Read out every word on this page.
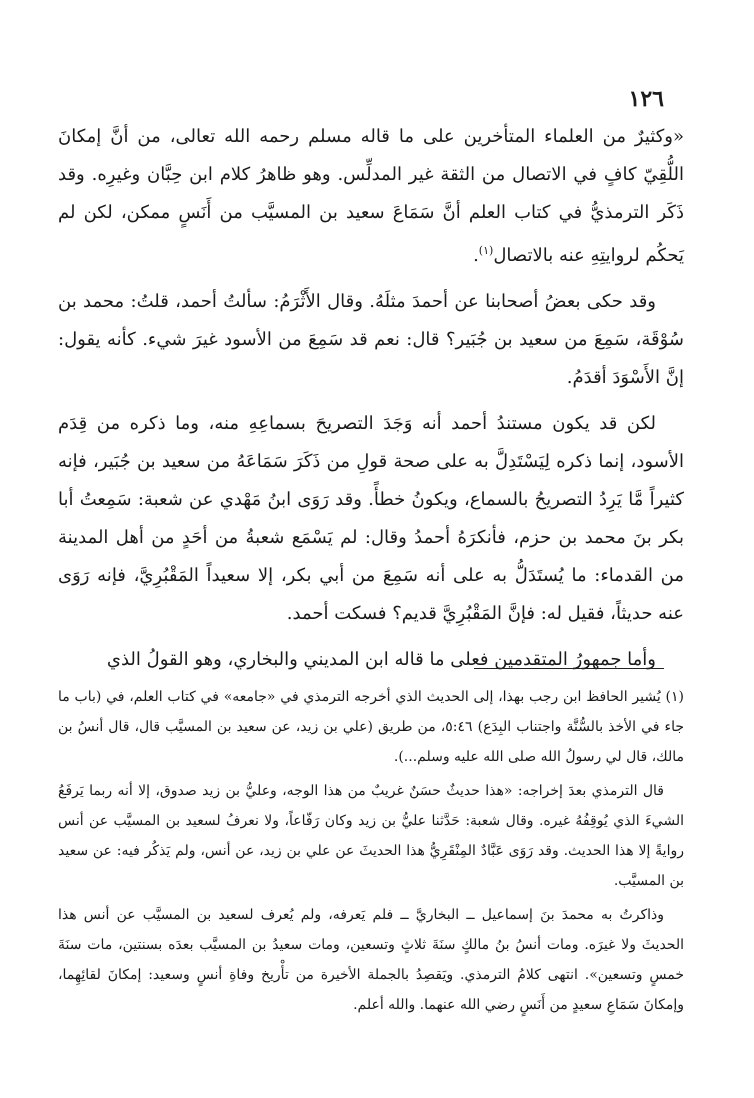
١٢٦

«وكثيرٌ من العلماء المتأخرين على ما قاله مسلم رحمه الله تعالى، من أنَّ إمكانَ اللُّقِيّ كافٍ في الاتصال من الثقة غير المدلِّس. وهو ظاهرُ كلام ابن حِبَّان وغيرِه. وقد ذَكَر الترمذيُّ في كتاب العلم أنَّ سَمَاعَ سعيد بن المسيَّب من أَنَسٍ ممكن، لكن لم يَحكُم لروايتِهِ عنه بالاتصال$^{(١)}$.

وقد حكى بعضُ أصحابنا عن أحمدَ مثلَهُ. وقال الأَثْرَمُ: سألتُ أحمد، قلتُ: محمد بن سُوْقَة، سَمِعَ من سعيد بن جُبَير؟ قال: نعم قد سَمِعَ من الأسود غيرَ شيء. كأنه يقول: إنَّ الأَسْوَدَ أقدَمُ.

لكن قد يكون مستندُ أحمد أنه وَجَدَ التصريحَ بسماعِهِ منه، وما ذكره من قِدَم الأسود، إنما ذكره لِيَسْتَدِلَّ به على صحة قولِ من ذَكَرَ سَمَاعَهُ من سعيد بن جُبَير، فإنه كثيراً مَّا يَرِدُ التصريحُ بالسماع، ويكونُ خطأً. وقد رَوَى ابنُ مَهْدي عن شعبة: سَمِعتُ أبا بكر بنَ محمد بن حزم، فأنكرَهُ أحمدُ وقال: لم يَسْمَع شعبةُ من أحَدٍ من أهل المدينة من القدماء: ما يُستَدَلُّ به على أنه سَمِعَ من أبي بكر، إلا سعيداً المَقْبُرِيَّ، فإنه رَوَى عنه حديثاً، فقيل له: فإنَّ المَقْبُرِيَّ قديم؟ فسكت أحمد.

وأما جمهورُ المتقدمين فعلى ما قاله ابن المديني والبخاري، وهو القولُ الذي

(١) يُشير الحافظ ابن رجب بهذا، إلى الحديث الذي أخرجه الترمذي في «جامعه» في كتاب العلم، في (باب ما جاء في الأخذ بالسُّنَّة واجتناب البِدَع) ٥:٤٦، من طريق (علي بن زيد، عن سعيد بن المسيَّب قال، قال أنسُ بن مالك، قال لي رسولُ الله صلى الله عليه وسلم...).

قال الترمذي بعدَ إخراجه: «هذا حديثٌ حسَنٌ غريبٌ من هذا الوجه، وعليُّ بن زيد صدوق، إلا أنه ربما يَرفَعُ الشيءَ الذي يُوقِفُهُ غيره. وقال شعبة: حَدَّثنا عليُّ بن زيد وكان رَفّاعاً، ولا نعرفُ لسعيد بن المسيَّب عن أنس روايةً إلا هذا الحديث. وقد رَوَى عَبَّادٌ المِنْقَرِيُّ هذا الحديثَ عن علي بن زيد، عن أنس، ولم يَذكُر فيه: عن سعيد بن المسيَّب.

وذاكرتُ به محمدَ بنَ إسماعيل ــ البخاريَّ ــ فلم يَعرفه، ولم يُعرف لسعيد بن المسيَّب عن أنس هذا الحديثَ ولا غيرَه. ومات أنسُ بنُ مالكٍ سنَةَ ثلاثٍ وتسعين، ومات سعيدُ بن المسيَّب بعدَه بسنتين، مات سنَةَ خمسٍ وتسعين». انتهى كلامُ الترمذي. ويَقصِدُ بالجملة الأخيرة من تأْريخ وفاةِ أنسٍ وسعيد: إمكانَ لقائِهِما، وإمكانَ سَمَاعِ سعيدٍ من أَنَسٍ رضي الله عنهما. والله أعلم.
